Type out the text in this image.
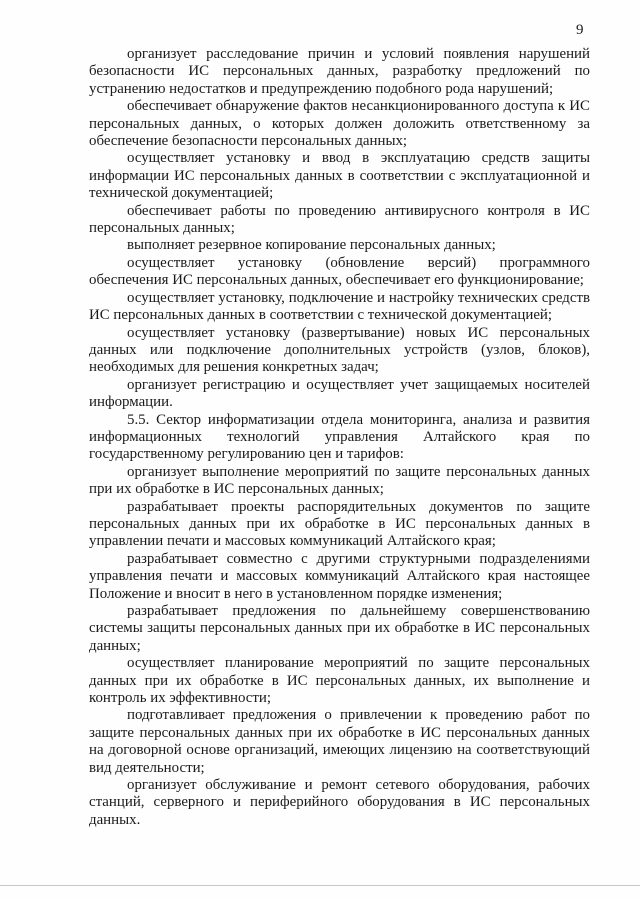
9

организует расследование причин и условий появления нарушений безопасности ИС персональных данных, разработку предложений по устранению недостатков и предупреждению подобного рода нарушений;

обеспечивает обнаружение фактов несанкционированного доступа к ИС персональных данных, о которых должен доложить ответственному за обеспечение безопасности персональных данных;

осуществляет установку и ввод в эксплуатацию средств защиты информации ИС персональных данных в соответствии с эксплуатационной и технической документацией;

обеспечивает работы по проведению антивирусного контроля в ИС персональных данных;

выполняет резервное копирование персональных данных;

осуществляет установку (обновление версий) программного обеспечения ИС персональных данных, обеспечивает его функционирование;

осуществляет установку, подключение и настройку технических средств ИС персональных данных в соответствии с технической документацией;

осуществляет установку (развертывание) новых ИС персональных данных или подключение дополнительных устройств (узлов, блоков), необходимых для решения конкретных задач;

организует регистрацию и осуществляет учет защищаемых носителей информации.

5.5. Сектор информатизации отдела мониторинга, анализа и развития информационных технологий управления Алтайского края по государственному регулированию цен и тарифов:

организует выполнение мероприятий по защите персональных данных при их обработке в ИС персональных данных;

разрабатывает проекты распорядительных документов по защите персональных данных при их обработке в ИС персональных данных в управлении печати и массовых коммуникаций Алтайского края;

разрабатывает совместно с другими структурными подразделениями управления печати и массовых коммуникаций Алтайского края настоящее Положение и вносит в него в установленном порядке изменения;

разрабатывает предложения по дальнейшему совершенствованию системы защиты персональных данных при их обработке в ИС персональных данных;

осуществляет планирование мероприятий по защите персональных данных при их обработке в ИС персональных данных, их выполнение и контроль их эффективности;

подготавливает предложения о привлечении к проведению работ по защите персональных данных при их обработке в ИС персональных данных на договорной основе организаций, имеющих лицензию на соответствующий вид деятельности;

организует обслуживание и ремонт сетевого оборудования, рабочих станций, серверного и периферийного оборудования в ИС персональных данных.
